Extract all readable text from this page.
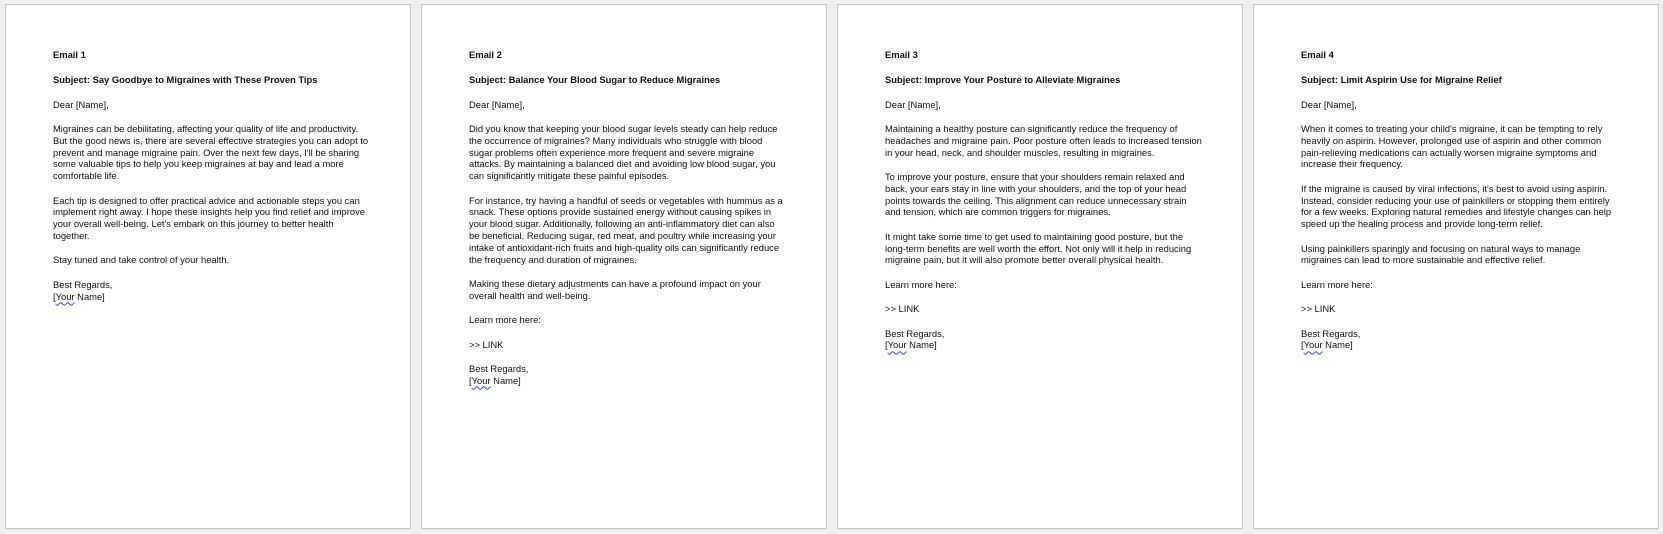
Email 1

Subject: Say Goodbye to Migraines with These Proven Tips

Dear [Name],

Migraines can be debilitating, affecting your quality of life and productivity. But the good news is, there are several effective strategies you can adopt to prevent and manage migraine pain. Over the next few days, I'll be sharing some valuable tips to help you keep migraines at bay and lead a more comfortable life.

Each tip is designed to offer practical advice and actionable steps you can implement right away. I hope these insights help you find relief and improve your overall well-being. Let's embark on this journey to better health together.

Stay tuned and take control of your health.

Best Regards,
[Your Name]

Email 2

Subject: Balance Your Blood Sugar to Reduce Migraines

Dear [Name],

Did you know that keeping your blood sugar levels steady can help reduce the occurrence of migraines? Many individuals who struggle with blood sugar problems often experience more frequent and severe migraine attacks. By maintaining a balanced diet and avoiding low blood sugar, you can significantly mitigate these painful episodes.

For instance, try having a handful of seeds or vegetables with hummus as a snack. These options provide sustained energy without causing spikes in your blood sugar. Additionally, following an anti-inflammatory diet can also be beneficial. Reducing sugar, red meat, and poultry while increasing your intake of antioxidant-rich fruits and high-quality oils can significantly reduce the frequency and duration of migraines.

Making these dietary adjustments can have a profound impact on your overall health and well-being.

Learn more here:

>> LINK

Best Regards,
[Your Name]

Email 3

Subject: Improve Your Posture to Alleviate Migraines

Dear [Name],

Maintaining a healthy posture can significantly reduce the frequency of headaches and migraine pain. Poor posture often leads to increased tension in your head, neck, and shoulder muscles, resulting in migraines.

To improve your posture, ensure that your shoulders remain relaxed and back, your ears stay in line with your shoulders, and the top of your head points towards the ceiling. This alignment can reduce unnecessary strain and tension, which are common triggers for migraines.

It might take some time to get used to maintaining good posture, but the long-term benefits are well worth the effort. Not only will it help in reducing migraine pain, but it will also promote better overall physical health.

Learn more here:

>> LINK

Best Regards,
[Your Name]

Email 4

Subject: Limit Aspirin Use for Migraine Relief

Dear [Name],

When it comes to treating your child's migraine, it can be tempting to rely heavily on aspirin. However, prolonged use of aspirin and other common pain-relieving medications can actually worsen migraine symptoms and increase their frequency.

If the migraine is caused by viral infections, it's best to avoid using aspirin. Instead, consider reducing your use of painkillers or stopping them entirely for a few weeks. Exploring natural remedies and lifestyle changes can help speed up the healing process and provide long-term relief.

Using painkillers sparingly and focusing on natural ways to manage migraines can lead to more sustainable and effective relief.

Learn more here:

>> LINK

Best Regards,
[Your Name]
